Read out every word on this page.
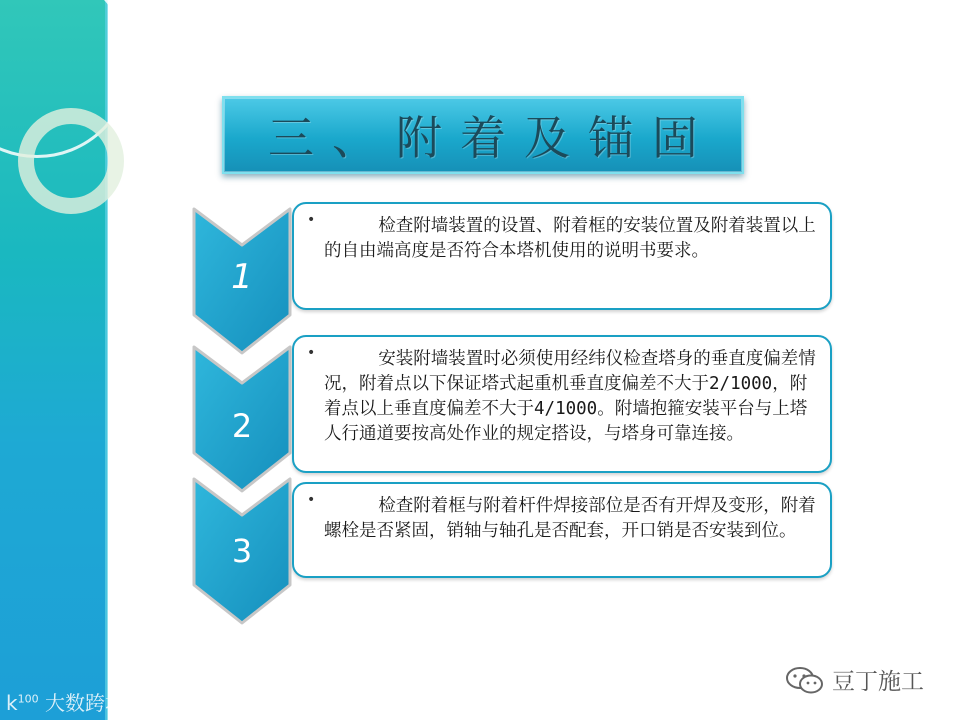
三、附着及锚固
1
•	检查附墙装置的设置、附着框的安装位置及附着装置以上的自由端高度是否符合本塔机使用的说明书要求。

2
•	安装附墙装置时必须使用经纬仪检查塔身的垂直度偏差情况，附着点以下保证塔式起重机垂直度偏差不大于2/1000，附着点以上垂直度偏差不大于4/1000。附墙抱箍安装平台与上塔人行通道要按高处作业的规定搭设，与塔身可靠连接。

3
•	检查附着框与附着杆件焊接部位是否有开焊及变形，附着螺栓是否紧固，销轴与轴孔是否配套，开口销是否安装到位。

$k^{100}$ 大数跨境
豆丁施工
